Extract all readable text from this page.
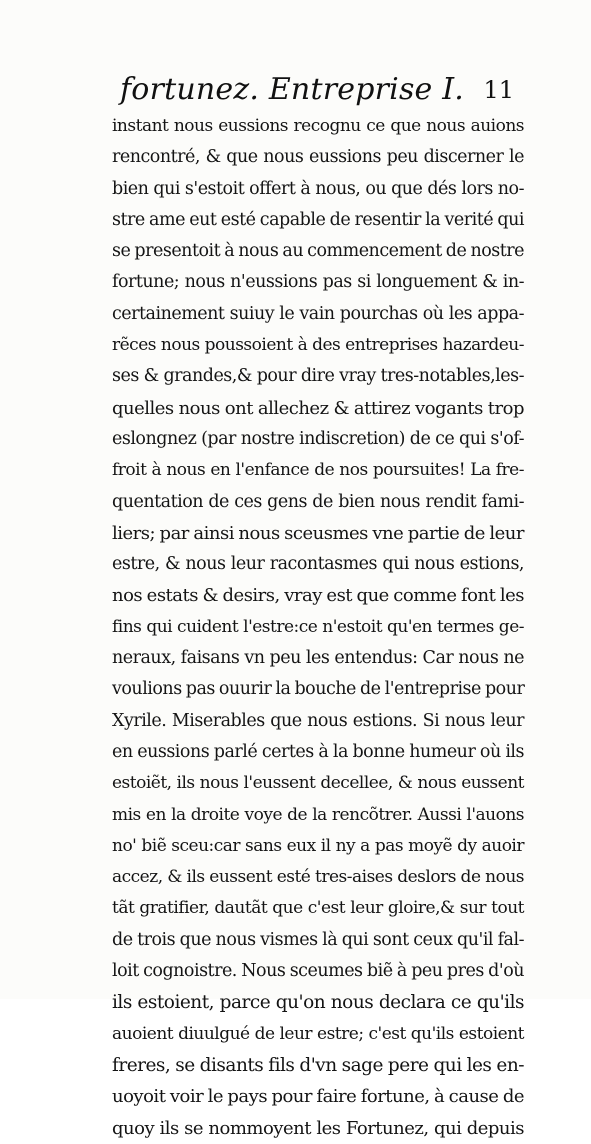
fortunez. Entreprise I. 11
instant nous eussions recognu ce que nous auions
rencontré, & que nous eussions peu discerner le
bien qui s'estoit offert à nous, ou que dés lors no-
stre ame eut esté capable de resentir la verité qui
se presentoit à nous au commencement de nostre
fortune; nous n'eussions pas si longuement & in-
certainement suiuy le vain pourchas où les appa-
rẽces nous poussoient à des entreprises hazardeu-
ses & grandes,& pour dire vray tres-notables,les-
quelles nous ont allechez & attirez vogants trop
eslongnez (par nostre indiscretion) de ce qui s'of-
froit à nous en l'enfance de nos poursuites! La fre-
quentation de ces gens de bien nous rendit fami-
liers; par ainsi nous sceusmes vne partie de leur
estre, & nous leur racontasmes qui nous estions,
nos estats & desirs, vray est que comme font les
fins qui cuident l'estre:ce n'estoit qu'en termes ge-
neraux, faisans vn peu les entendus: Car nous ne
voulions pas ouurir la bouche de l'entreprise pour
Xyrile. Miserables que nous estions. Si nous leur
en eussions parlé certes à la bonne humeur où ils
estoiẽt, ils nous l'eussent decellee, & nous eussent
mis en la droite voye de la rencõtrer. Aussi l'auons
no' biẽ sceu:car sans eux il ny a pas moyẽ dy auoir
accez, & ils eussent esté tres-aises deslors de nous
tãt gratifier, dautãt que c'est leur gloire,& sur tout
de trois que nous vismes là qui sont ceux qu'il fal-
loit cognoistre. Nous sceumes biẽ à peu pres d'où
ils estoient, parce qu'on nous declara ce qu'ils
auoient diuulgué de leur estre; c'est qu'ils estoient
freres, se disants fils d'vn sage pere qui les en-
uoyoit voir le pays pour faire fortune, à cause de
quoy ils se nommoyent les Fortunez, qui depuis
